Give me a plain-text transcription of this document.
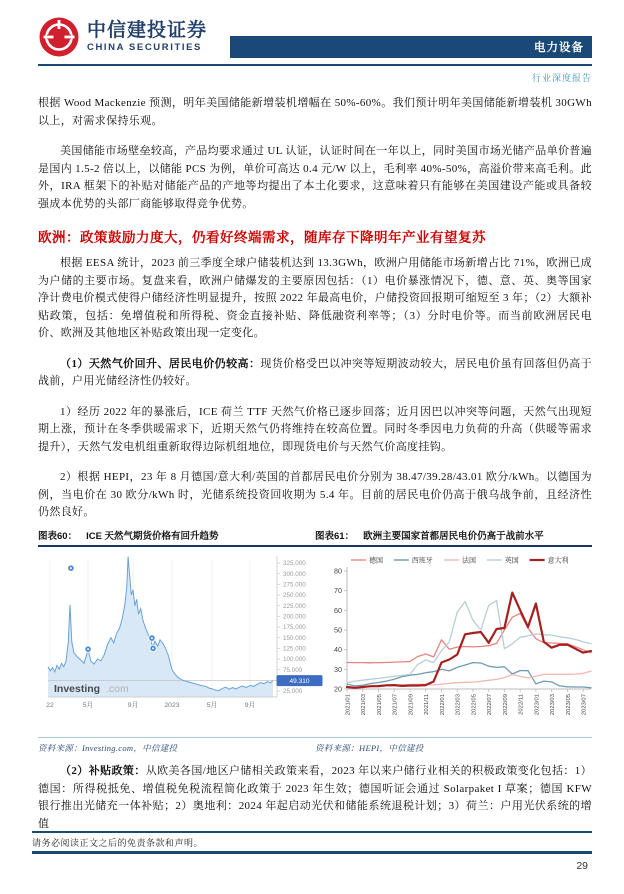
中信建投证券
CHINA SECURITIES	电力设备
行业深度报告

根据 Wood Mackenzie 预测，明年美国储能新增装机增幅在 50%-60%。我们预计明年美国储能新增装机 30GWh 以上，对需求保持乐观。

美国储能市场壁垒较高，产品均要求通过 UL 认证，认证时间在一年以上，同时美国市场光储产品单价普遍是国内 1.5-2 倍以上，以储能 PCS 为例，单价可高达 0.4 元/W 以上，毛利率 40%-50%，高溢价带来高毛利。此外，IRA 框架下的补贴对储能产品的产地等均提出了本土化要求，这意味着只有能够在美国建设产能或具备较强成本优势的头部厂商能够取得竞争优势。

欧洲：政策鼓励力度大，仍看好终端需求，随库存下降明年产业有望复苏

根据 EESA 统计，2023 前三季度全球户储装机达到 13.3GWh，欧洲户用储能市场新增占比 71%，欧洲已成为户储的主要市场。复盘来看，欧洲户储爆发的主要原因包括：（1）电价暴涨情况下，德、意、英、奥等国家净计费电价模式使得户储经济性明显提升，按照 2022 年最高电价，户储投资回报期可缩短至 3 年；（2）大额补贴政策，包括：免增值税和所得税、资金直接补贴、降低融资利率等；（3）分时电价等。而当前欧洲居民电价、欧洲及其他地区补贴政策出现一定变化。

（1）天然气价回升、居民电价仍较高：现货价格受巴以冲突等短期波动较大，居民电价虽有回落但仍高于战前，户用光储经济性仍较好。

1）经历 2022 年的暴涨后，ICE 荷兰 TTF 天然气价格已逐步回落；近月因巴以冲突等问题，天然气出现短期上涨，预计在冬季供暖需求下，近期天然气仍将维持在较高位置。同时冬季因电力负荷的升高（供暖等需求提升），天然气发电机组重新取得边际机组地位，即现货电价与天然气价高度挂钩。

2）根据 HEPI，23 年 8 月德国/意大利/英国的首都居民电价分别为 38.47/39.28/43.01 欧分/kWh。以德国为例，当电价在 30 欧分/kWh 时，光储系统投资回收期为 5.4 年。目前的居民电价仍高于俄乌战争前，且经济性仍然良好。

图表60： ICE 天然气期货价格有回升趋势	图表61： 欧洲主要国家首都居民电价仍高于战前水平
325.000
300.000
275.000
250.000
225.000
200.000
175.000
150.000
125.000
100.000
75.000
25.000
49.310
22	5月	9月	2023	5月	9月
Investing .com	20
30
40
50
60
70
80
2021/01 2021/03 2021/05 2021/07 2021/09 2021/11 2022/01 2022/03 2022/05 2022/07 2022/09 2022/11 2023/01 2023/03 2023/05 2023/07
德国	西班牙	法国	英国	意大利
资料来源：Investing.com，中信建投	资料来源：HEPI，中信建投

（2）补贴政策：从欧美各国/地区户储相关政策来看，2023 年以来户储行业相关的积极政策变化包括：1）德国：所得税抵免、增值税免税流程简化政策于 2023 年生效；德国听证会通过 Solarpaket I 草案；德国 KFW 银行推出光储充一体补贴；2）奥地利：2024 年起启动光伏和储能系统退税计划；3）荷兰：户用光伏系统的增值

请务必阅读正文之后的免责条款和声明。
29
